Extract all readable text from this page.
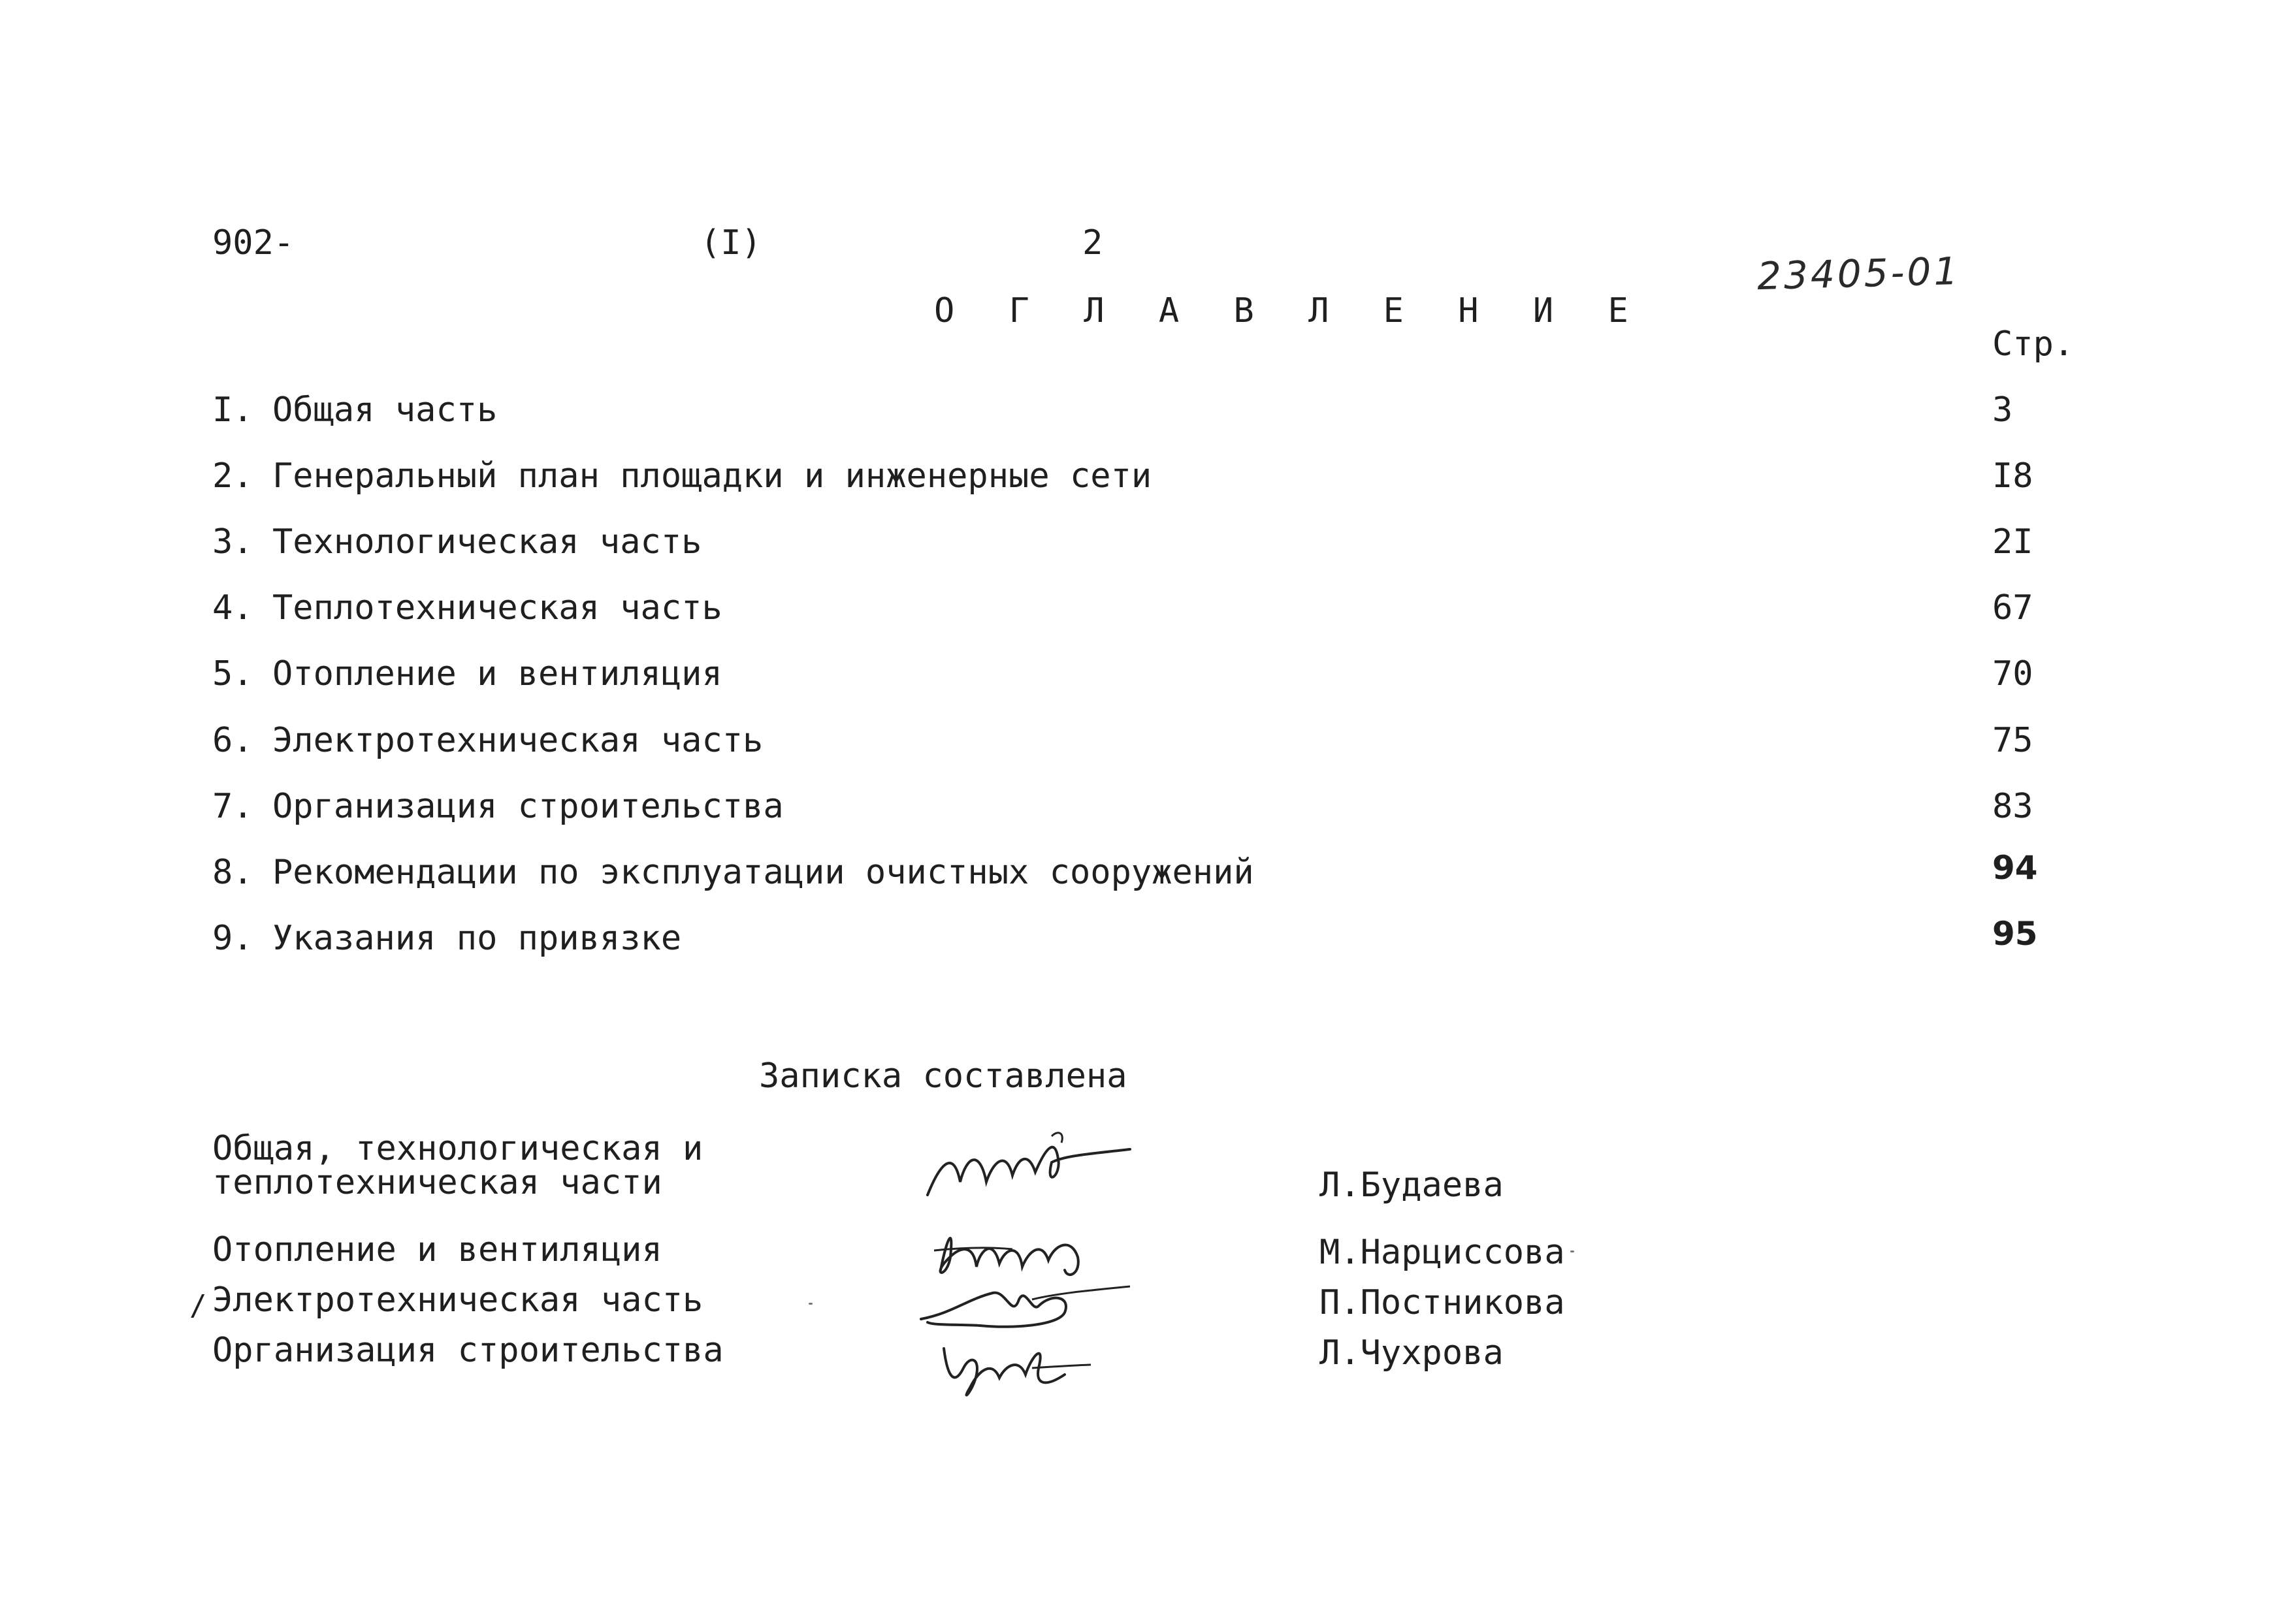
902-	(I)	2
23405-01
О Г Л А В Л Е Н И Е
Стр.
I. Общая часть	3
2. Генеральный план площадки и инженерные сети	I8
3. Технологическая часть	2I
4. Теплотехническая часть	67
5. Отопление и вентиляция	70
6. Электротехническая часть	75
7. Организация строительства	83
8. Рекомендации по эксплуатации очистных сооружений	94
9. Указания по привязке	95
Записка составлена
Общая, технологическая и
теплотехническая части	Л.Будаева
Отопление и вентиляция	М.Нарциссова
/ Электротехническая часть	П.Постникова
Организация строительства	Л.Чухрова
